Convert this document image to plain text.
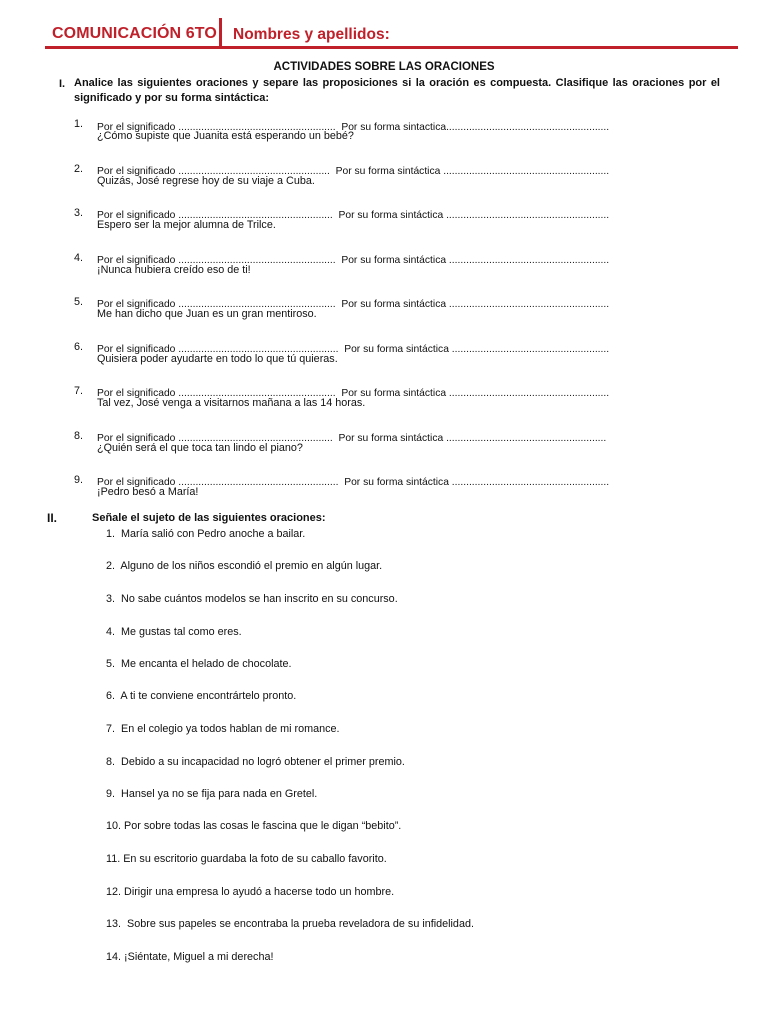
COMUNICACIÓN 6TO Nombres y apellidos:
ACTIVIDADES SOBRE LAS ORACIONES
I. Analice las siguientes oraciones y separe las proposiciones si la oración es compuesta. Clasifique las oraciones por el significado y por su forma sintáctica:

1.

¿Cómo supiste que Juanita está esperando un bebé?

Por el significado .......................................................  Por su forma sintactica.........................................................

2.

Quizás, José regrese hoy de su viaje a Cuba.

Por el significado .....................................................  Por su forma sintáctica ..........................................................

3.

Espero ser la mejor alumna de Trilce.

Por el significado ......................................................  Por su forma sintáctica .........................................................

4.

¡Nunca hubiera creído eso de ti!

Por el significado .......................................................  Por su forma sintáctica ........................................................

5.

Me han dicho que Juan es un gran mentiroso.

Por el significado .......................................................  Por su forma sintáctica ........................................................

6.

Quisiera poder ayudarte en todo lo que tú quieras.

Por el significado ........................................................  Por su forma sintáctica .......................................................

7.

Tal vez, José venga a visitarnos mañana a las 14 horas.

Por el significado .......................................................  Por su forma sintáctica ........................................................

8.

¿Quién será el que toca tan lindo el piano?

Por el significado ......................................................  Por su forma sintáctica ........................................................

9.

¡Pedro besó a María!

Por el significado ........................................................  Por su forma sintáctica .......................................................
II.	Señale el sujeto de las siguientes oraciones:
1. María salió con Pedro anoche a bailar.
2. Alguno de los niños escondió el premio en algún lugar.
3. No sabe cuántos modelos se han inscrito en su concurso.
4. Me gustas tal como eres.
5. Me encanta el helado de chocolate.
6. A ti te conviene encontrártelo pronto.
7. En el colegio ya todos hablan de mi romance.
8. Debido a su incapacidad no logró obtener el primer premio.
9. Hansel ya no se fija para nada en Gretel.
10. Por sobre todas las cosas le fascina que le digan “bebito”.
11. En su escritorio guardaba la foto de su caballo favorito.
12. Dirigir una empresa lo ayudó a hacerse todo un hombre.
13. Sobre sus papeles se encontraba la prueba reveladora de su infidelidad.
14. ¡Siéntate, Miguel a mi derecha!
